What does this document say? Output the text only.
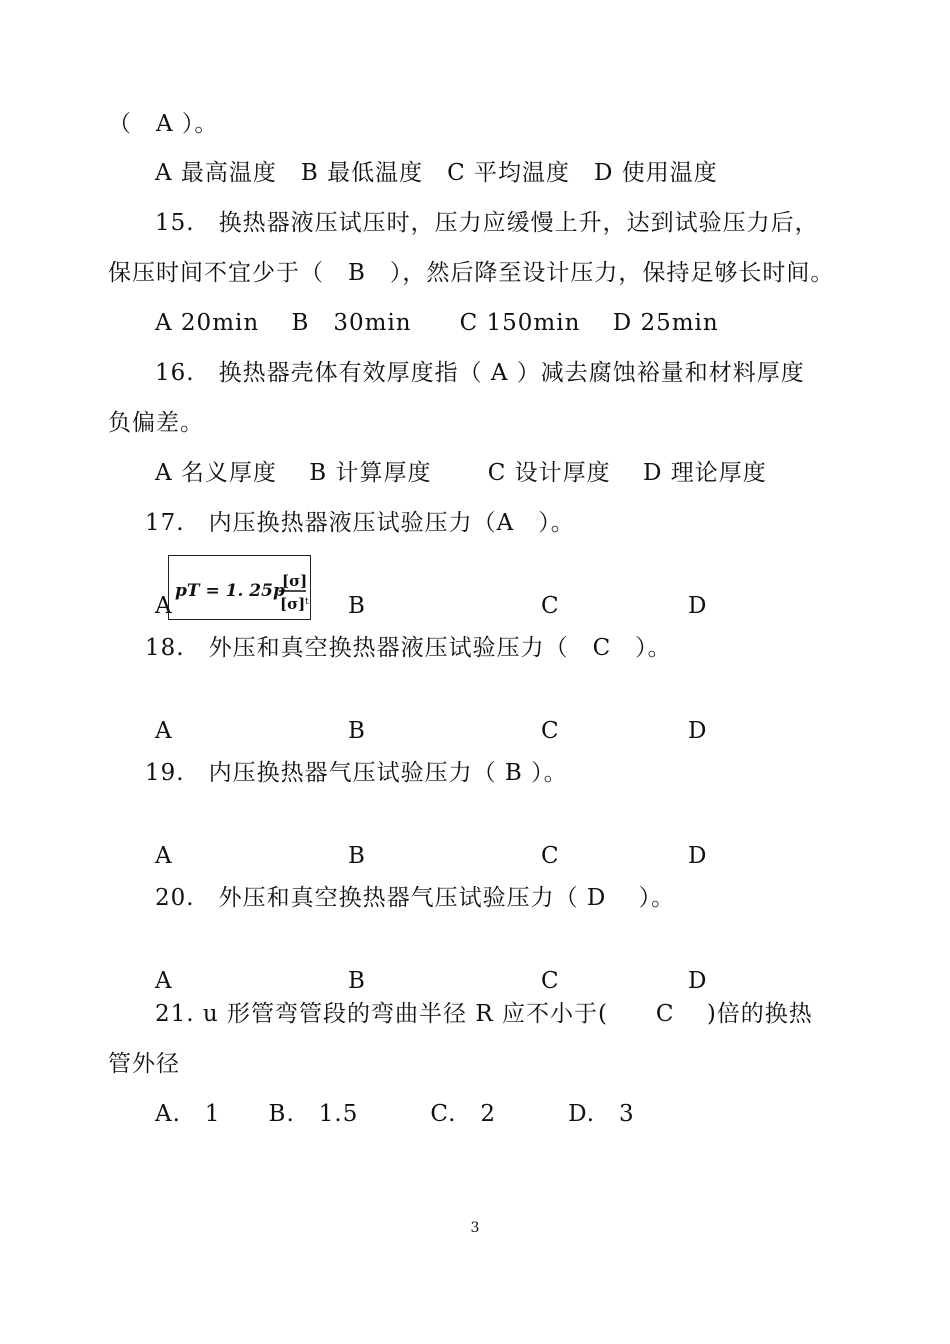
（　A ）。
A 最高温度　B 最低温度　C 平均温度　D 使用温度
15.　换热器液压试压时，压力应缓慢上升，达到试验压力后，
保压时间不宜少于（　B　），然后降至设计压力，保持足够长时间。
A 20min　 B　30min　　C 150min　 D 25min
16.　换热器壳体有效厚度指（ A ）减去腐蚀裕量和材料厚度
负偏差。
A 名义厚度　 B 计算厚度　　 C 设计厚度　 D 理论厚度
17.　内压换热器液压试验压力（A　）。
pT = 1. 25p
[σ]
[σ] t
A	B	C	D
18.　外压和真空换热器液压试验压力（　C　）。
A	B	C	D
19.　内压换热器气压试验压力（ B ）。
A	B	C	D
20.　外压和真空换热器气压试验压力（ D　 ）。
A	B	C	D
21. u 形管弯管段的弯曲半径 R 应不小于(　　C　 )倍的换热
管外径
A.　1　　B.　1.5　　　C.　2　　　D.　3
3
